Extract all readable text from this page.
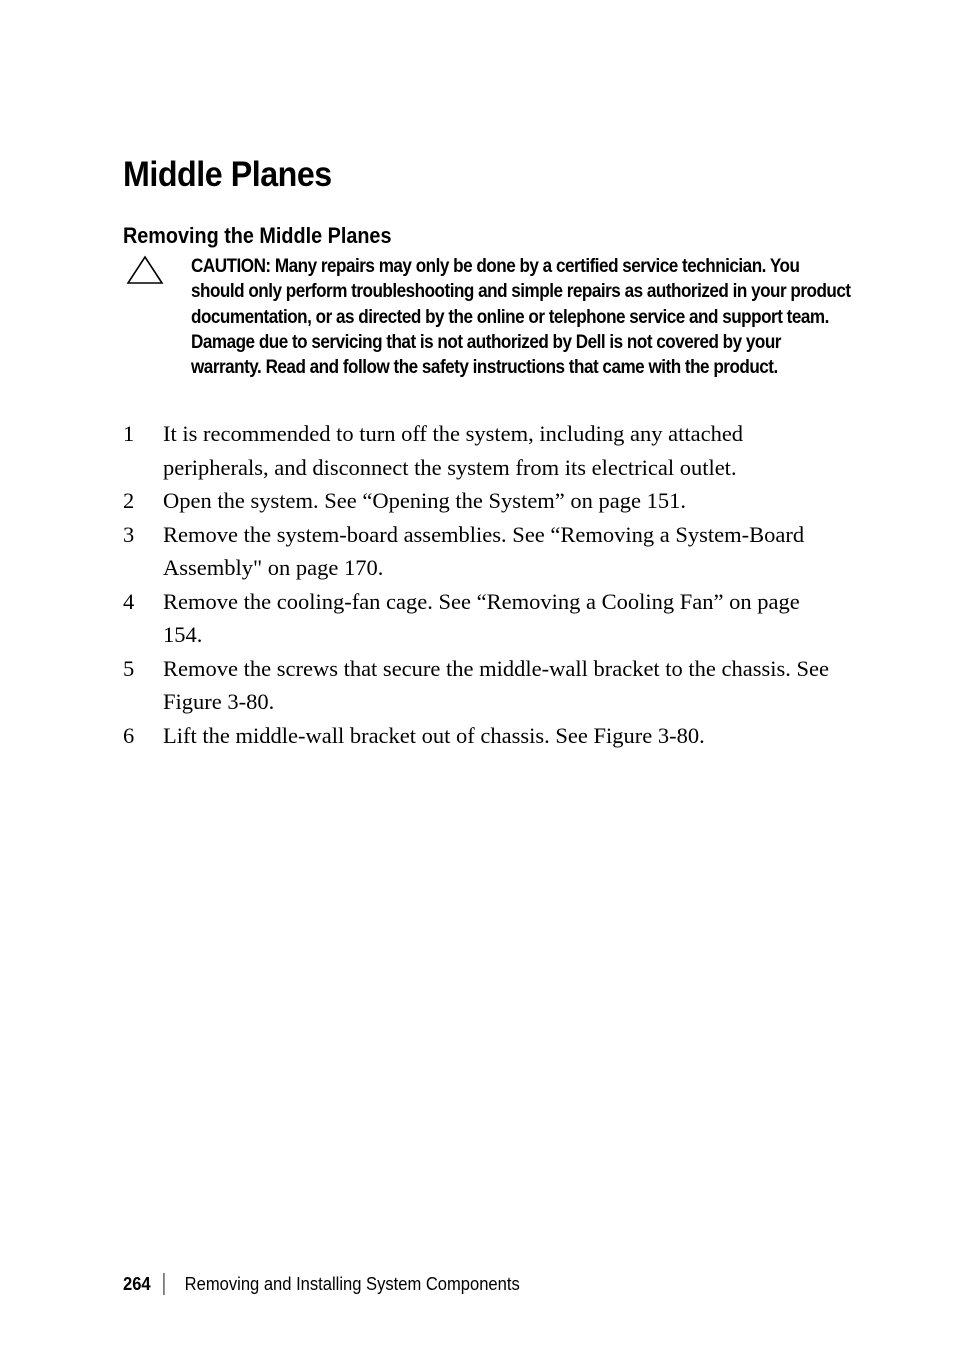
Middle Planes
Removing the Middle Planes

CAUTION: Many repairs may only be done by a certified service technician. You should only perform troubleshooting and simple repairs as authorized in your product documentation, or as directed by the online or telephone service and support team. Damage due to servicing that is not authorized by Dell is not covered by your warranty. Read and follow the safety instructions that came with the product.

1	It is recommended to turn off the system, including any attached peripherals, and disconnect the system from its electrical outlet.
2	Open the system. See “Opening the System” on page 151.
3	Remove the system-board assemblies. See “Removing a System-Board Assembly" on page 170.
4	Remove the cooling-fan cage. See “Removing a Cooling Fan” on page 154.
5	Remove the screws that secure the middle-wall bracket to the chassis. See Figure 3-80.
6	Lift the middle-wall bracket out of chassis. See Figure 3-80.
264 Removing and Installing System Components
